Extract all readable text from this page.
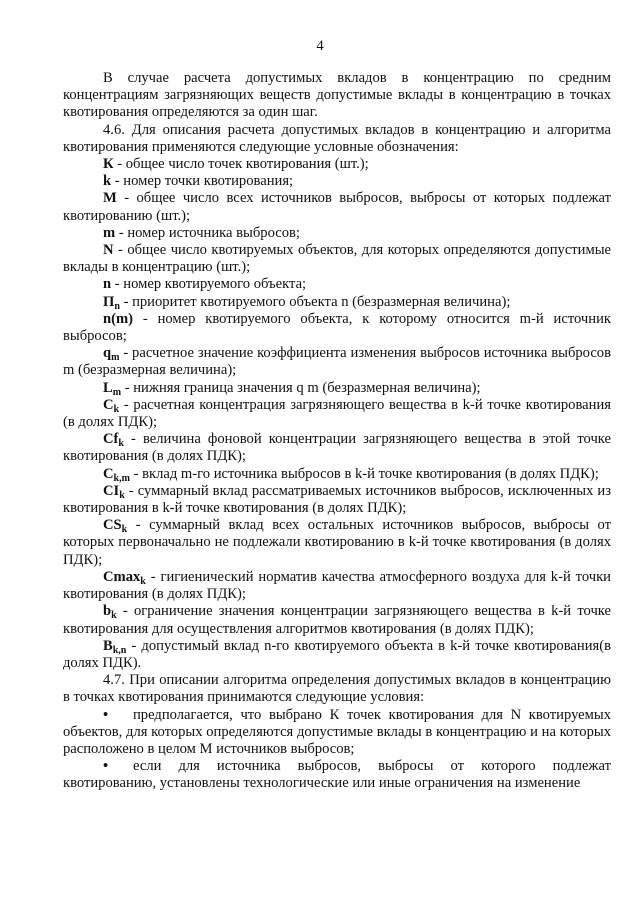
4

В случае расчета допустимых вкладов в концентрацию по средним концентрациям загрязняющих веществ допустимые вклады в концентрацию в точках квотирования определяются за один шаг.

4.6. Для описания расчета допустимых вкладов в концентрацию и алгоритма квотирования применяются следующие условные обозначения:

К - общее число точек квотирования (шт.);

k - номер точки квотирования;

М - общее число всех источников выбросов, выбросы от которых подлежат квотированию (шт.);

m - номер источника выбросов;

N - общее число квотируемых объектов, для которых определяются допустимые вклады в концентрацию (шт.);

n - номер квотируемого объекта;

$П_n$ - приоритет квотируемого объекта n (безразмерная величина);

n(m) - номер квотируемого объекта, к которому относится m-й источник выбросов;

$q_m$ - расчетное значение коэффициента изменения выбросов источника выбросов m (безразмерная величина);

$L_m$ - нижняя граница значения q m (безразмерная величина);

$С_k$ - расчетная концентрация загрязняющего вещества в k-й точке квотирования (в долях ПДК);

$Cf_k$ - величина фоновой концентрации загрязняющего вещества в этой точке квотирования (в долях ПДК);

$С_{k,m}$ - вклад m-го источника выбросов в k-й точке квотирования (в долях ПДК);

$CI_k$ - суммарный вклад рассматриваемых источников выбросов, исключенных из квотирования в k-й точке квотирования (в долях ПДК);

$CS_k$ - суммарный вклад всех остальных источников выбросов, выбросы от которых первоначально не подлежали квотированию в k-й точке квотирования (в долях ПДК);

Cmax$_k$ - гигиенический норматив качества атмосферного воздуха для k-й точки квотирования (в долях ПДК);

$b_k$ - ограничение значения концентрации загрязняющего вещества в k-й точке квотирования для осуществления алгоритмов квотирования (в долях ПДК);

$В_{k,n}$ - допустимый вклад n-го квотируемого объекта в k-й точке квотирования(в долях ПДК).

4.7. При описании алгоритма определения допустимых вкладов в концентрацию в точках квотирования принимаются следующие условия:

• предполагается, что выбрано К точек квотирования для N квотируемых объектов, для которых определяются допустимые вклады в концентрацию и на которых расположено в целом М источников выбросов;

• если для источника выбросов, выбросы от которого подлежат квотированию, установлены технологические или иные ограничения на изменение
